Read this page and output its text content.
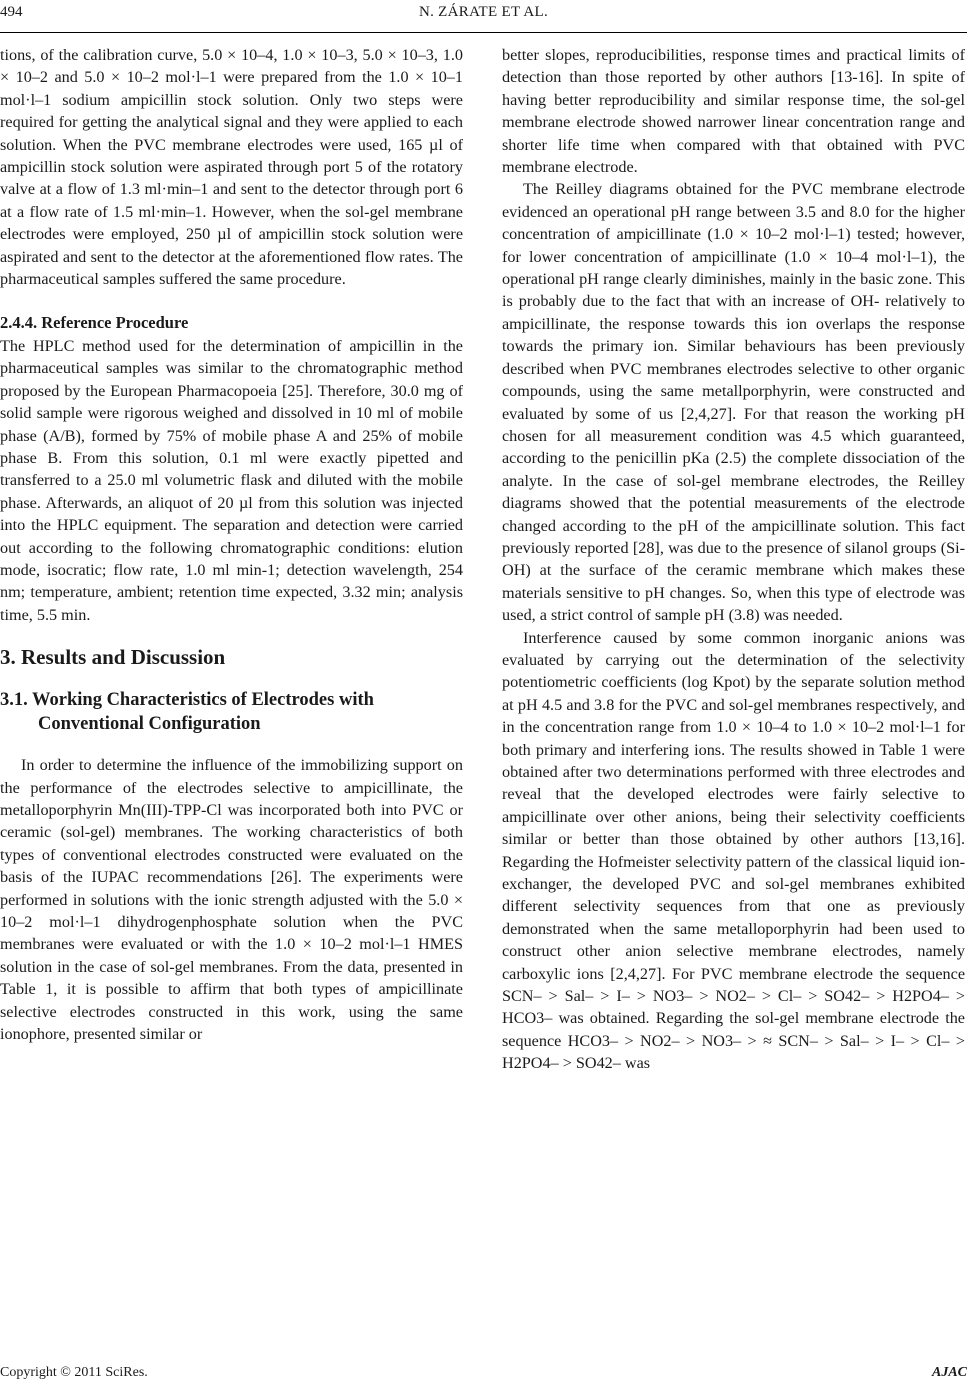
494	N. ZÁRATE ET AL.

tions, of the calibration curve, 5.0 × 10–4, 1.0 × 10–3, 5.0 × 10–3, 1.0 × 10–2 and 5.0 × 10–2 mol·l–1 were prepared from the 1.0 × 10–1 mol·l–1 sodium ampicillin stock solution. Only two steps were required for getting the analytical signal and they were applied to each solution. When the PVC membrane electrodes were used, 165 µl of ampicillin stock solution were aspirated through port 5 of the rotatory valve at a flow of 1.3 ml·min–1 and sent to the detector through port 6 at a flow rate of 1.5 ml·min–1. However, when the sol-gel membrane electrodes were employed, 250 µl of ampicillin stock solution were aspirated and sent to the detector at the aforementioned flow rates. The pharmaceutical samples suffered the same procedure.

2.4.4. Reference Procedure

The HPLC method used for the determination of ampicillin in the pharmaceutical samples was similar to the chromatographic method proposed by the European Pharmacopoeia [25]. Therefore, 30.0 mg of solid sample were rigorous weighed and dissolved in 10 ml of mobile phase (A/B), formed by 75% of mobile phase A and 25% of mobile phase B. From this solution, 0.1 ml were exactly pipetted and transferred to a 25.0 ml volumetric flask and diluted with the mobile phase. Afterwards, an aliquot of 20 µl from this solution was injected into the HPLC equipment. The separation and detection were carried out according to the following chromatographic conditions: elution mode, isocratic; flow rate, 1.0 ml min-1; detection wavelength, 254 nm; temperature, ambient; retention time expected, 3.32 min; analysis time, 5.5 min.

3. Results and Discussion
3.1. Working Characteristics of Electrodes with Conventional Configuration

In order to determine the influence of the immobilizing support on the performance of the electrodes selective to ampicillinate, the metalloporphyrin Mn(III)-TPP-Cl was incorporated both into PVC or ceramic (sol-gel) membranes. The working characteristics of both types of conventional electrodes constructed were evaluated on the basis of the IUPAC recommendations [26]. The experiments were performed in solutions with the ionic strength adjusted with the 5.0 × 10–2 mol·l–1 dihydrogenphosphate solution when the PVC membranes were evaluated or with the 1.0 × 10–2 mol·l–1 HMES solution in the case of sol-gel membranes. From the data, presented in Table 1, it is possible to affirm that both types of ampicillinate selective electrodes constructed in this work, using the same ionophore, presented similar or

better slopes, reproducibilities, response times and practical limits of detection than those reported by other authors [13-16]. In spite of having better reproducibility and similar response time, the sol-gel membrane electrode showed narrower linear concentration range and shorter life time when compared with that obtained with PVC membrane electrode.

The Reilley diagrams obtained for the PVC membrane electrode evidenced an operational pH range between 3.5 and 8.0 for the higher concentration of ampicillinate (1.0 × 10–2 mol·l–1) tested; however, for lower concentration of ampicillinate (1.0 × 10–4 mol·l–1), the operational pH range clearly diminishes, mainly in the basic zone. This is probably due to the fact that with an increase of OH- relatively to ampicillinate, the response towards this ion overlaps the response towards the primary ion. Similar behaviours has been previously described when PVC membranes electrodes selective to other organic compounds, using the same metallporphyrin, were constructed and evaluated by some of us [2,4,27]. For that reason the working pH chosen for all measurement condition was 4.5 which guaranteed, according to the penicillin pKa (2.5) the complete dissociation of the analyte. In the case of sol-gel membrane electrodes, the Reilley diagrams showed that the potential measurements of the electrode changed according to the pH of the ampicillinate solution. This fact previously reported [28], was due to the presence of silanol groups (Si-OH) at the surface of the ceramic membrane which makes these materials sensitive to pH changes. So, when this type of electrode was used, a strict control of sample pH (3.8) was needed.

Interference caused by some common inorganic anions was evaluated by carrying out the determination of the selectivity potentiometric coefficients (log Kpot) by the separate solution method at pH 4.5 and 3.8 for the PVC and sol-gel membranes respectively, and in the concentration range from 1.0 × 10–4 to 1.0 × 10–2 mol·l–1 for both primary and interfering ions. The results showed in Table 1 were obtained after two determinations performed with three electrodes and reveal that the developed electrodes were fairly selective to ampicillinate over other anions, being their selectivity coefficients similar or better than those obtained by other authors [13,16]. Regarding the Hofmeister selectivity pattern of the classical liquid ion-exchanger, the developed PVC and sol-gel membranes exhibited different selectivity sequences from that one as previously demonstrated when the same metalloporphyrin had been used to construct other anion selective membrane electrodes, namely carboxylic ions [2,4,27]. For PVC membrane electrode the sequence SCN– > Sal– > I– > NO3– > NO2– > Cl– > SO42– > H2PO4– > HCO3– was obtained. Regarding the sol-gel membrane electrode the sequence HCO3– > NO2– > NO3– > ≈ SCN– > Sal– > I– > Cl– > H2PO4– > SO42– was

Copyright © 2011 SciRes.	AJAC
